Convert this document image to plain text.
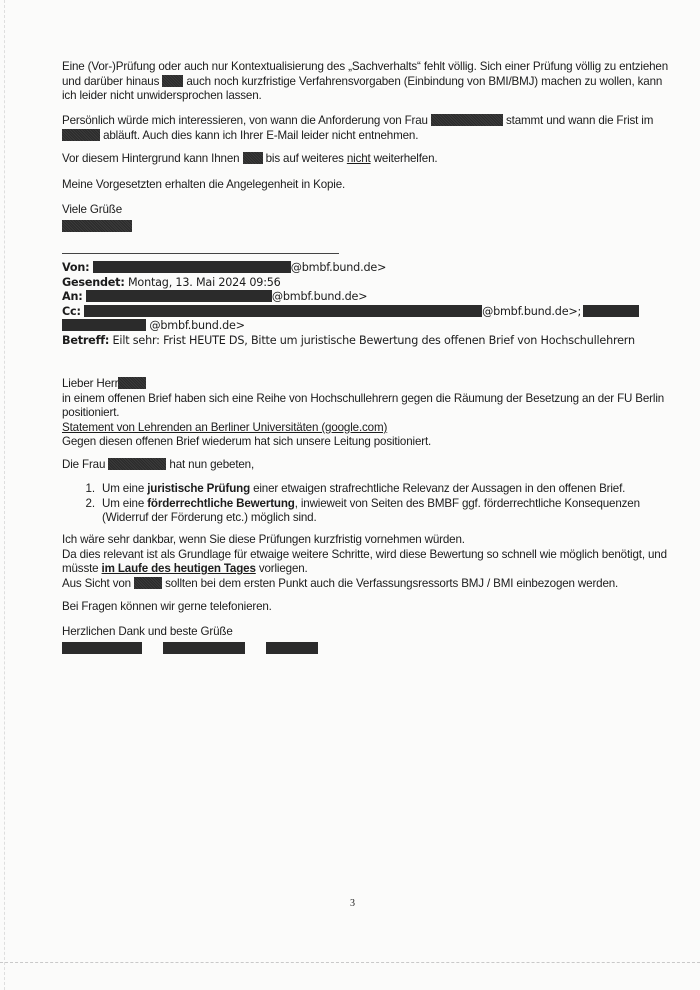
Eine (Vor-)Prüfung oder auch nur Kontextualisierung des „Sachverhalts“ fehlt völlig. Sich einer Prüfung völlig zu entziehen und darüber hinaus auch noch kurzfristige Verfahrensvorgaben (Einbindung von BMI/BMJ) machen zu wollen, kann ich leider nicht unwidersprochen lassen.

Persönlich würde mich interessieren, von wann die Anforderung von Frau	stammt und wann die Frist im  abläuft. Auch dies kann ich Ihrer E-Mail leider nicht entnehmen.

Vor diesem Hintergrund kann Ihnen bis auf weiteres nicht weiterhelfen.

Meine Vorgesetzten erhalten die Angelegenheit in Kopie.

Viele Grüße

Von:	@bmbf.bund.de>

Gesendet: Montag, 13. Mai 2024 09:56

An:	@bmbf.bund.de>

Cc:	@bmbf.bund.de>;

@bmbf.bund.de>

Betreff: Eilt sehr: Frist HEUTE DS, Bitte um juristische Bewertung des offenen Brief von Hochschullehrern

Lieber Herr

in einem offenen Brief haben sich eine Reihe von Hochschullehrern gegen die Räumung der Besetzung an der FU Berlin positioniert.

Statement von Lehrenden an Berliner Universitäten (google.com)

Gegen diesen offenen Brief wiederum hat sich unsere Leitung positioniert.

Die Frau	hat nun gebeten,

1. Um eine juristische Prüfung einer etwaigen strafrechtliche Relevanz der Aussagen in den offenen Brief.
2. Um eine förderrechtliche Bewertung, inwieweit von Seiten des BMBF ggf. förderrechtliche Konsequenzen (Widerruf der Förderung etc.) möglich sind.

Ich wäre sehr dankbar, wenn Sie diese Prüfungen kurzfristig vornehmen würden.

Da dies relevant ist als Grundlage für etwaige weitere Schritte, wird diese Bewertung so schnell wie möglich benötigt, und müsste im Laufe des heutigen Tages vorliegen.

Aus Sicht von	sollten bei dem ersten Punkt auch die Verfassungsressorts BMJ / BMI einbezogen werden.

Bei Fragen können wir gerne telefonieren.

Herzlichen Dank und beste Grüße

3
